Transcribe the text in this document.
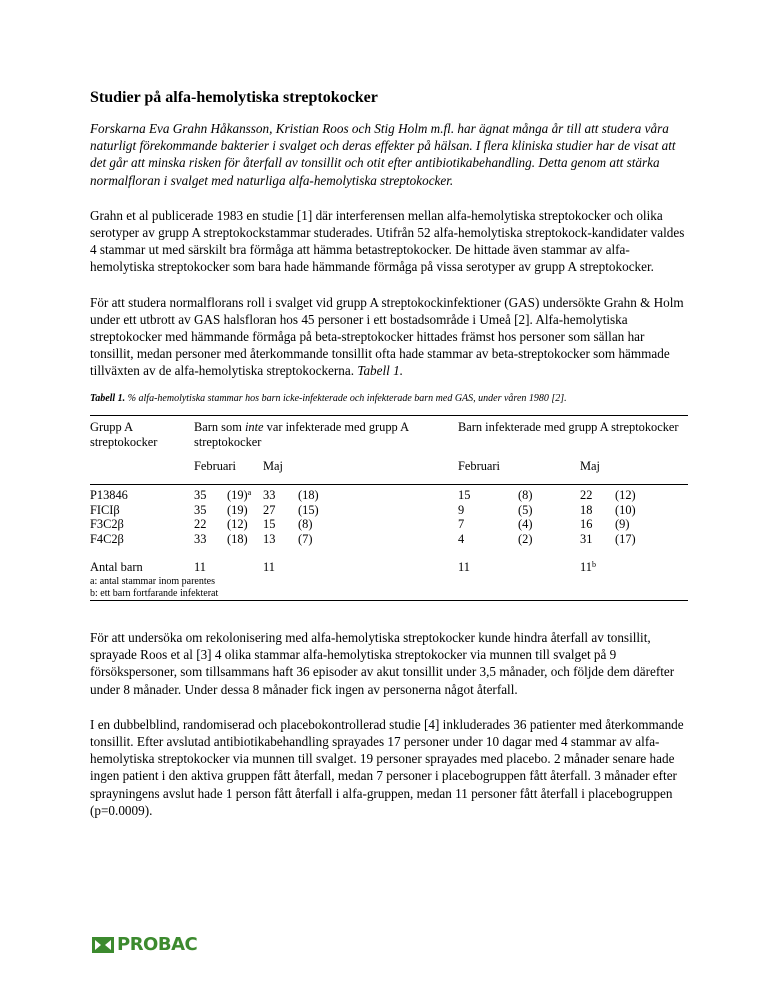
Studier på alfa-hemolytiska streptokocker

Forskarna Eva Grahn Håkansson, Kristian Roos och Stig Holm m.fl. har ägnat många år till att studera våra naturligt förekommande bakterier i svalget och deras effekter på hälsan. I flera kliniska studier har de visat att det går att minska risken för återfall av tonsillit och otit efter antibiotikabehandling. Detta genom att stärka normalfloran i svalget med naturliga alfa-hemolytiska streptokocker.

Grahn et al publicerade 1983 en studie [1] där interferensen mellan alfa-hemolytiska streptokocker och olika serotyper av grupp A streptokockstammar studerades. Utifrån 52 alfa-hemolytiska streptokock-kandidater valdes 4 stammar ut med särskilt bra förmåga att hämma betastreptokocker. De hittade även stammar av alfa-hemolytiska streptokocker som bara hade hämmande förmåga på vissa serotyper av grupp A streptokocker.

För att studera normalflorans roll i svalget vid grupp A streptokockinfektioner (GAS) undersökte Grahn & Holm under ett utbrott av GAS halsfloran hos 45 personer i ett bostadsområde i Umeå [2]. Alfa-hemolytiska streptokocker med hämmande förmåga på beta-streptokocker hittades främst hos personer som sällan har tonsillit, medan personer med återkommande tonsillit ofta hade stammar av beta-streptokocker som hämmade tillväxten av de alfa-hemolytiska streptokockerna. Tabell 1.

Tabell 1. % alfa-hemolytiska stammar hos barn icke-infekterade och infekterade barn med GAS, under våren 1980 [2].
Grupp A streptokocker	Barn som inte var infekterade med grupp A streptokocker				Barn infekterade med grupp A streptokocker			
	Februari		Maj		Februari		Maj	
P13846	35	$(19)^a$	33	(18)	15	(8)	22	(12)
FICIβ	35	(19)	27	(15)	9	(5)	18	(10)
F3C2β	22	(12)	15	(8)	7	(4)	16	(9)
F4C2β	33	(18)	13	(7)	4	(2)	31	(17)
Antal barn	11		11		11		11$^b$

a: antal stammar inom parentes
b: ett barn fortfarande infekterat								

För att undersöka om rekolonisering med alfa-hemolytiska streptokocker kunde hindra återfall av tonsillit, sprayade Roos et al [3] 4 olika stammar alfa-hemolytiska streptokocker via munnen till svalget på 9 försökspersoner, som tillsammans haft 36 episoder av akut tonsillit under 3,5 månader, och följde dem därefter under 8 månader. Under dessa 8 månader fick ingen av personerna något återfall.

I en dubbelblind, randomiserad och placebokontrollerad studie [4] inkluderades 36 patienter med återkommande tonsillit. Efter avslutad antibiotikabehandling sprayades 17 personer under 10 dagar med 4 stammar av alfa-hemolytiska streptokocker via munnen till svalget. 19 personer sprayades med placebo. 2 månader senare hade ingen patient i den aktiva gruppen fått återfall, medan 7 personer i placebogruppen fått återfall. 3 månader efter sprayningens avslut hade 1 person fått återfall i alfa-gruppen, medan 11 personer fått återfall i placebogruppen (p=0.0009).

PROBAC
